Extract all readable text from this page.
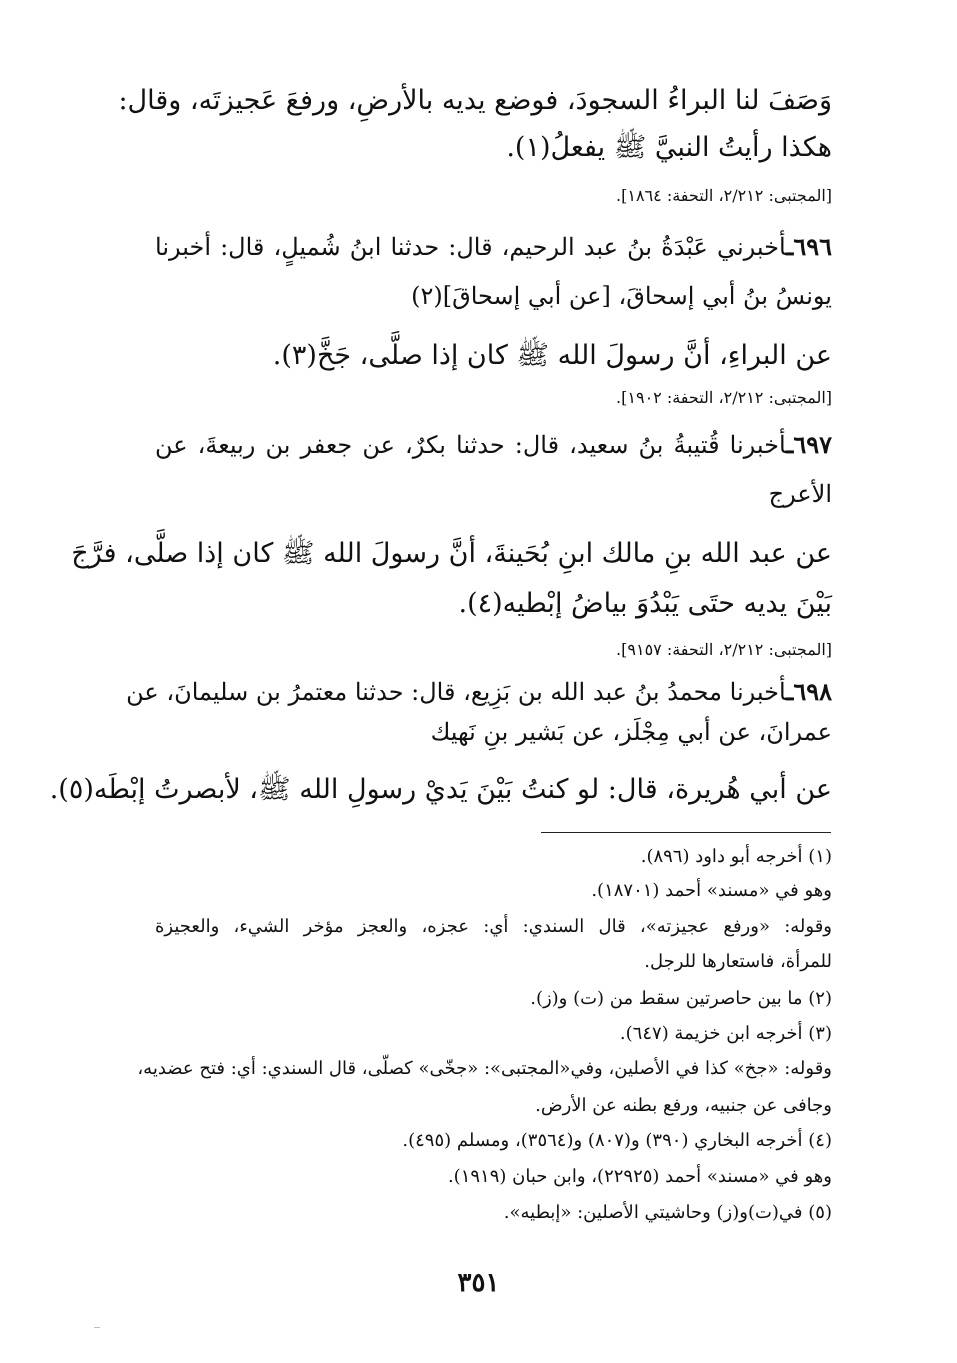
وَصَفَ لنا البراءُ السجودَ، فوضع يديه بالأرضِ، ورفعَ عَجيزتَه، وقال:
هكذا رأيتُ النبيَّ ﷺ يفعلُ(١).
[المجتبى: ٢/٢١٢، التحفة: ١٨٦٤].
٦٩٦ـأخبرني عَبْدَةُ بنُ عبد الرحيم، قال: حدثنا ابنُ شُميلٍ، قال: أخبرنا
يونسُ بنُ أبي إسحاقَ، [عن أبي إسحاقَ](٢)
عن البراءِ، أنَّ رسولَ الله ﷺ كان إذا صلَّى، جَخَّ(٣).
[المجتبى: ٢/٢١٢، التحفة: ١٩٠٢].
٦٩٧ـأخبرنا قُتيبةُ بنُ سعيد، قال: حدثنا بكرٌ، عن جعفر بن ربيعةَ، عن
الأعرج
عن عبد الله بنِ مالك ابنِ بُحَينةَ، أنَّ رسولَ الله ﷺ كان إذا صلَّى، فرَّجَ
بَيْنَ يديه حتَى يَبْدُوَ بياضُ إبْطيه(٤).
[المجتبى: ٢/٢١٢، التحفة: ٩١٥٧].
٦٩٨ـأخبرنا محمدُ بنُ عبد الله بن بَزِيع، قال: حدثنا معتمرُ بن سليمانَ، عن
عمرانَ، عن أبي مِجْلَز، عن بَشير بنِ نَهيك
عن أبي هُريرة، قال: لو كنتُ بَيْنَ يَديْ رسولِ الله ﷺ، لأبصرتُ إبْطَه(٥).
(١) أخرجه أبو داود (٨٩٦).
وهو في «مسند» أحمد (١٨٧٠١).
وقوله: «ورفع عجيزته»، قال السندي: أي: عجزه، والعجز مؤخر الشيء، والعجيزة
للمرأة، فاستعارها للرجل.
(٢) ما بين حاصرتين سقط من (ت) و(ز).
(٣) أخرجه ابن خزيمة (٦٤٧).
وقوله: «جخ» كذا في الأصلين، وفي«المجتبى»: «جخّى» كصلّى، قال السندي: أي: فتح عضديه،
وجافى عن جنبيه، ورفع بطنه عن الأرض.
(٤) أخرجه البخاري (٣٩٠) و(٨٠٧) و(٣٥٦٤)، ومسلم (٤٩٥).
وهو في «مسند» أحمد (٢٢٩٢٥)، وابن حبان (١٩١٩).
(٥) في(ت)و(ز) وحاشيتي الأصلين: «إبطيه».
٣٥١
